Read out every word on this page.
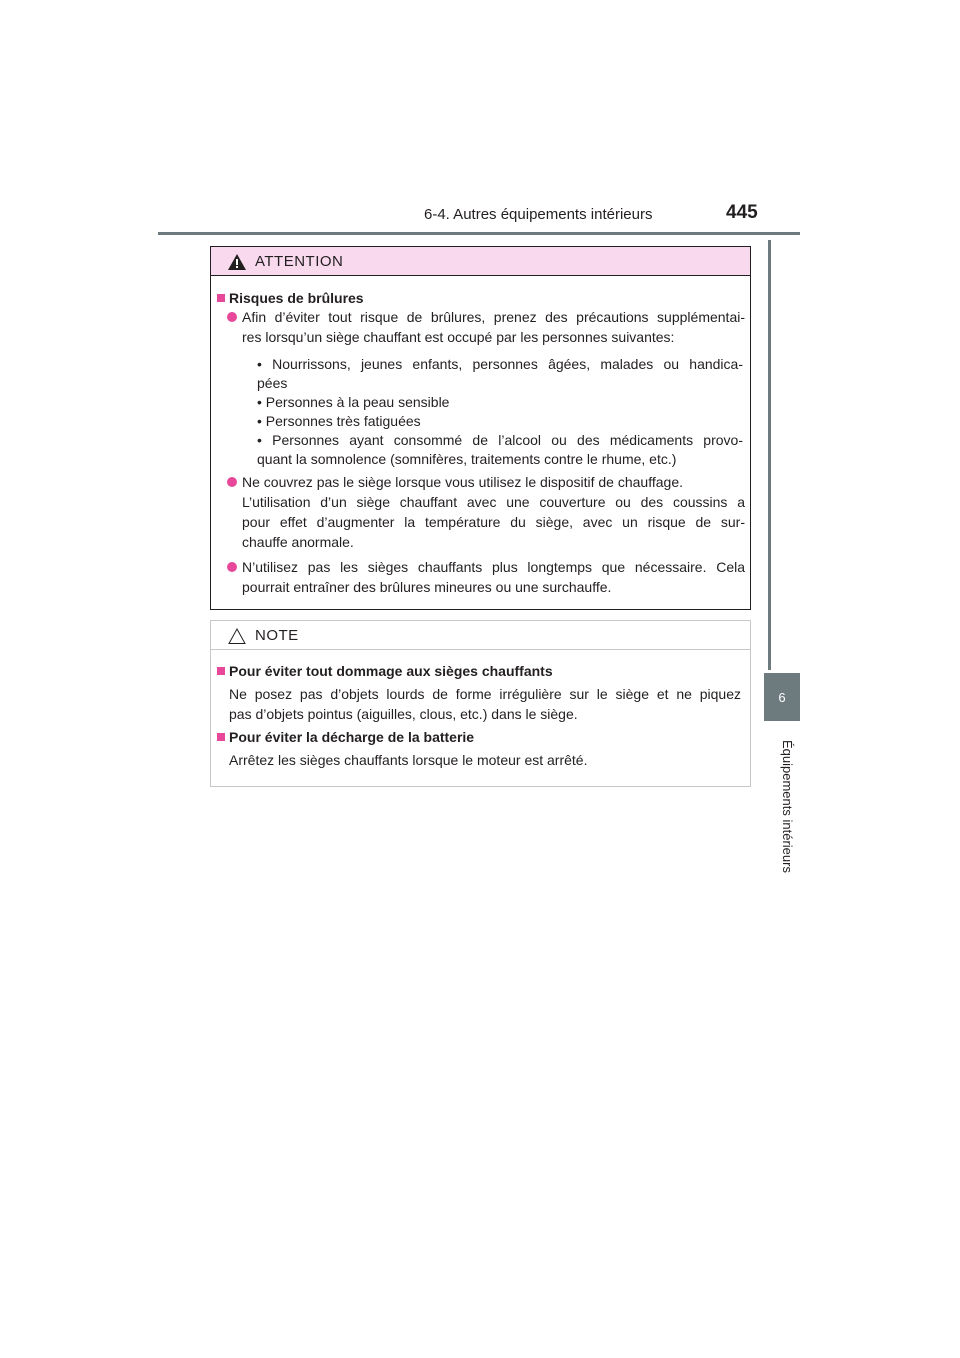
6-4. Autres équipements intérieurs	445
6
Équipements intérieurs
ATTENTION
Risques de brûlures
Afin d’éviter tout risque de brûlures, prenez des précautions supplémentai-
res lorsqu’un siège chauffant est occupé par les personnes suivantes:
• Nourrissons, jeunes enfants, personnes âgées, malades ou handica-
pées
• Personnes à la peau sensible
• Personnes très fatiguées
• Personnes ayant consommé de l’alcool ou des médicaments provo-
quant la somnolence (somnifères, traitements contre le rhume, etc.)
Ne couvrez pas le siège lorsque vous utilisez le dispositif de chauffage.
L’utilisation d’un siège chauffant avec une couverture ou des coussins a
pour effet d’augmenter la température du siège, avec un risque de sur-
chauffe anormale.
N’utilisez pas les sièges chauffants plus longtemps que nécessaire. Cela
pourrait entraîner des brûlures mineures ou une surchauffe.
NOTE
Pour éviter tout dommage aux sièges chauffants
Ne posez pas d’objets lourds de forme irrégulière sur le siège et ne piquez
pas d’objets pointus (aiguilles, clous, etc.) dans le siège.
Pour éviter la décharge de la batterie
Arrêtez les sièges chauffants lorsque le moteur est arrêté.
